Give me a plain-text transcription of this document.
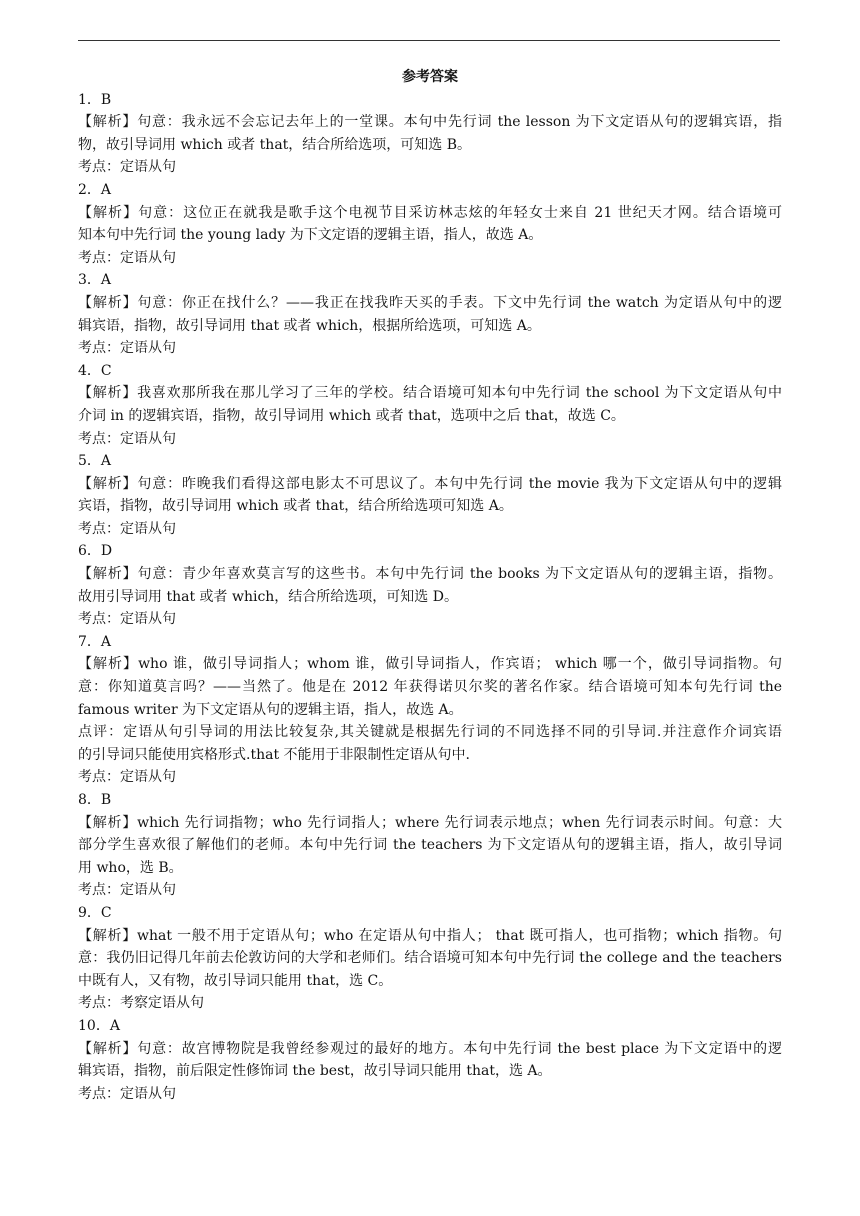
参考答案
1．B
【解析】句意：我永远不会忘记去年上的一堂课。本句中先行词 the lesson 为下文定语从句的逻辑宾语，指
物，故引导词用 which 或者 that，结合所给选项，可知选 B。
考点：定语从句
2．A
【解析】句意：这位正在就我是歌手这个电视节目采访林志炫的年轻女士来自 21 世纪天才网。结合语境可
知本句中先行词 the young lady 为下文定语的逻辑主语，指人，故选 A。
考点：定语从句
3．A
【解析】句意：你正在找什么？——我正在找我昨天买的手表。下文中先行词 the watch 为定语从句中的逻
辑宾语，指物，故引导词用 that 或者 which，根据所给选项，可知选 A。
考点：定语从句
4．C
【解析】我喜欢那所我在那儿学习了三年的学校。结合语境可知本句中先行词 the school 为下文定语从句中
介词 in 的逻辑宾语，指物，故引导词用 which 或者 that，选项中之后 that，故选 C。
考点：定语从句
5．A
【解析】句意：昨晚我们看得这部电影太不可思议了。本句中先行词 the movie 我为下文定语从句中的逻辑
宾语，指物，故引导词用 which 或者 that，结合所给选项可知选 A。
考点：定语从句
6．D
【解析】句意：青少年喜欢莫言写的这些书。本句中先行词 the books 为下文定语从句的逻辑主语，指物。
故用引导词用 that 或者 which，结合所给选项，可知选 D。
考点：定语从句
7．A
【解析】who 谁，做引导词指人；whom 谁，做引导词指人，作宾语； which 哪一个，做引导词指物。句
意：你知道莫言吗？——当然了。他是在 2012 年获得诺贝尔奖的著名作家。结合语境可知本句先行词 the
famous writer 为下文定语从句的逻辑主语，指人，故选 A。
点评：定语从句引导词的用法比较复杂,其关键就是根据先行词的不同选择不同的引导词.并注意作介词宾语
的引导词只能使用宾格形式.that 不能用于非限制性定语从句中.
考点：定语从句
8．B
【解析】which 先行词指物；who 先行词指人；where 先行词表示地点；when 先行词表示时间。句意：大
部分学生喜欢很了解他们的老师。本句中先行词 the teachers 为下文定语从句的逻辑主语，指人，故引导词
用 who，选 B。
考点：定语从句
9．C
【解析】what 一般不用于定语从句；who 在定语从句中指人； that 既可指人，也可指物；which 指物。句
意：我仍旧记得几年前去伦敦访问的大学和老师们。结合语境可知本句中先行词 the college and the teachers
中既有人，又有物，故引导词只能用 that，选 C。
考点：考察定语从句
10．A
【解析】句意：故宫博物院是我曾经参观过的最好的地方。本句中先行词 the best place 为下文定语中的逻
辑宾语，指物，前后限定性修饰词 the best，故引导词只能用 that，选 A。
考点：定语从句
